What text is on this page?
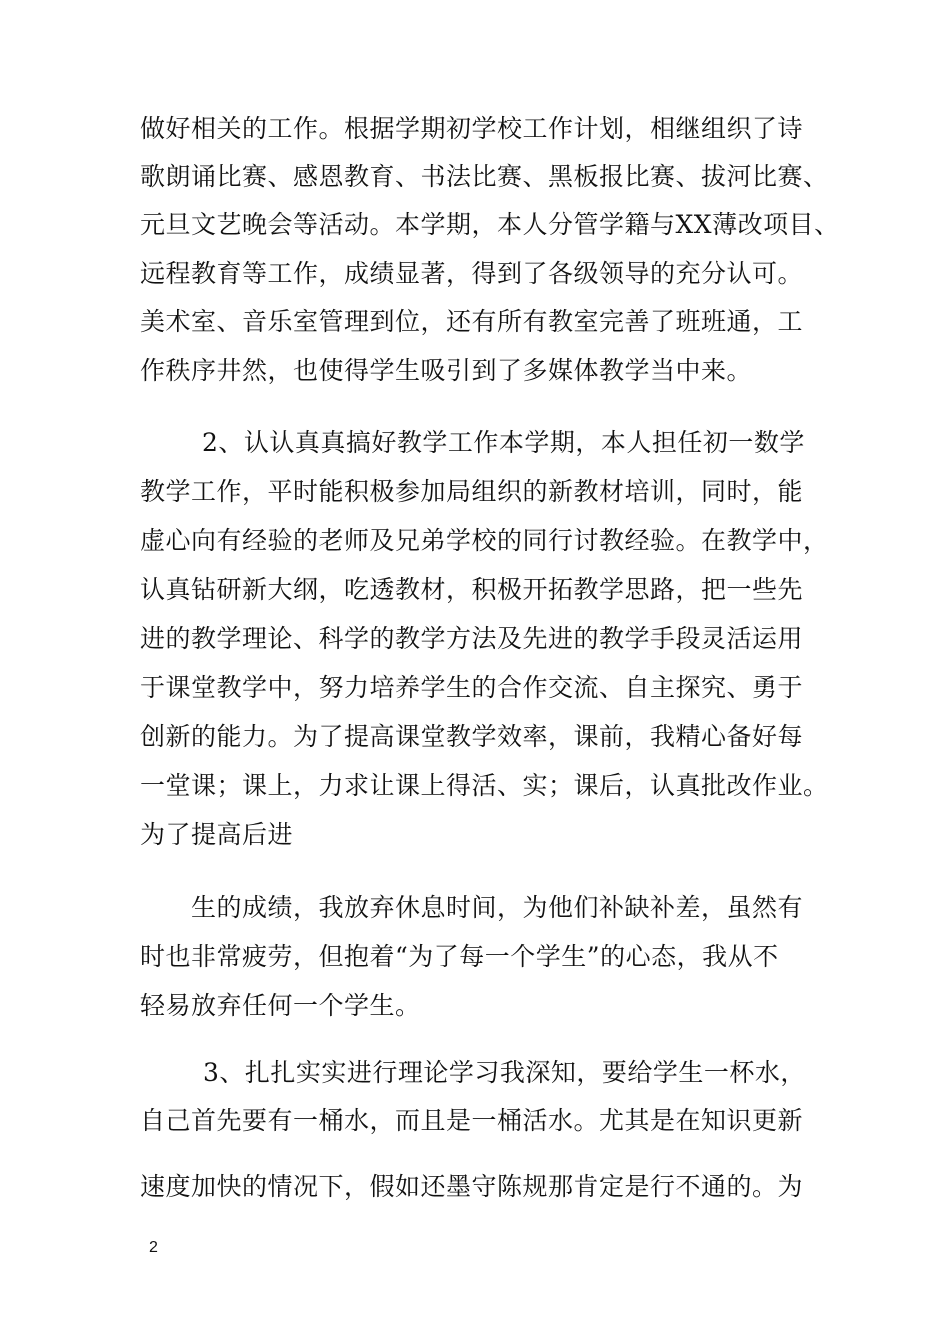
做好相关的工作。根据学期初学校工作计划，相继组织了诗
歌朗诵比赛、感恩教育、书法比赛、黑板报比赛、拔河比赛、
元旦文艺晚会等活动。本学期，本人分管学籍与XX薄改项目、
远程教育等工作，成绩显著，得到了各级领导的充分认可。
美术室、音乐室管理到位，还有所有教室完善了班班通，工
作秩序井然，也使得学生吸引到了多媒体教学当中来。
2、认认真真搞好教学工作本学期，本人担任初一数学
教学工作，平时能积极参加局组织的新教材培训，同时，能
虚心向有经验的老师及兄弟学校的同行讨教经验。在教学中，
认真钻研新大纲，吃透教材，积极开拓教学思路，把一些先
进的教学理论、科学的教学方法及先进的教学手段灵活运用
于课堂教学中，努力培养学生的合作交流、自主探究、勇于
创新的能力。为了提高课堂教学效率，课前，我精心备好每
一堂课；课上，力求让课上得活、实；课后，认真批改作业。
为了提高后进
生的成绩，我放弃休息时间，为他们补缺补差，虽然有
时也非常疲劳，但抱着“为了每一个学生”的心态，我从不
轻易放弃任何一个学生。
3、扎扎实实进行理论学习我深知，要给学生一杯水，
自己首先要有一桶水，而且是一桶活水。尤其是在知识更新
速度加快的情况下，假如还墨守陈规那肯定是行不通的。为
2
